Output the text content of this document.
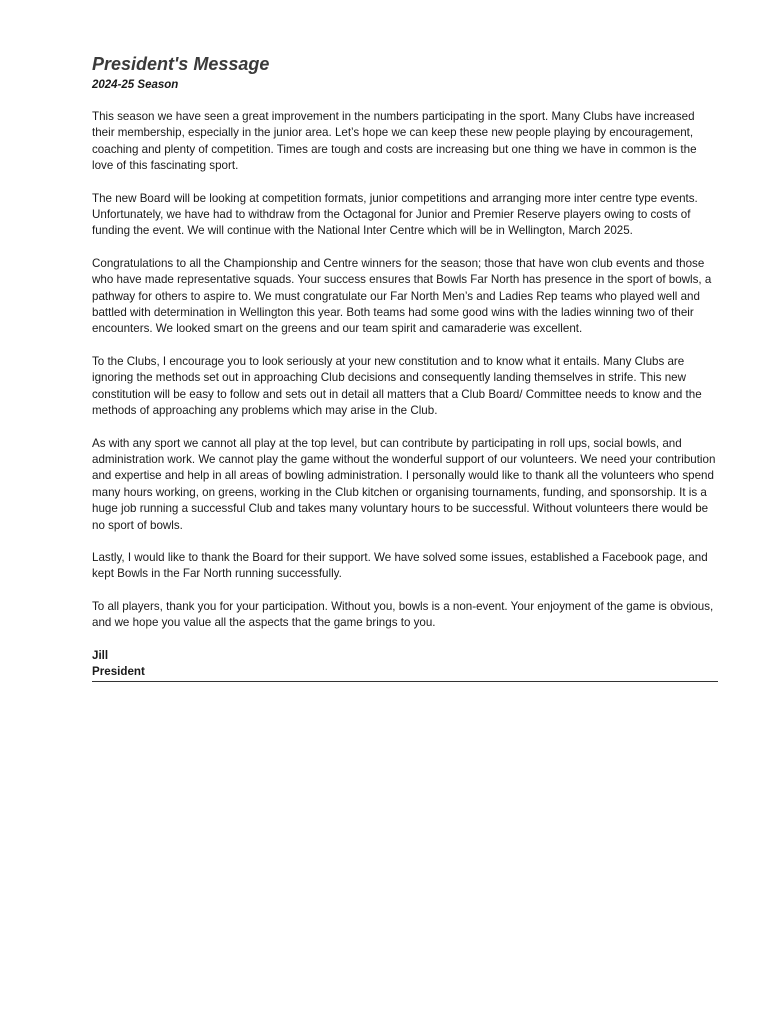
President's Message
2024-25 Season

This season we have seen a great improvement in the numbers participating in the sport. Many Clubs have increased their membership, especially in the junior area. Let’s hope we can keep these new people playing by encouragement, coaching and plenty of competition. Times are tough and costs are increasing but one thing we have in common is the love of this fascinating sport.

The new Board will be looking at competition formats, junior competitions and arranging more inter centre type events. Unfortunately, we have had to withdraw from the Octagonal for Junior and Premier Reserve players owing to costs of funding the event. We will continue with the National Inter Centre which will be in Wellington, March 2025.

Congratulations to all the Championship and Centre winners for the season; those that have won club events and those who have made representative squads. Your success ensures that Bowls Far North has presence in the sport of bowls, a pathway for others to aspire to. We must congratulate our Far North Men’s and Ladies Rep teams who played well and battled with determination in Wellington this year. Both teams had some good wins with the ladies winning two of their encounters. We looked smart on the greens and our team spirit and camaraderie was excellent.

To the Clubs, I encourage you to look seriously at your new constitution and to know what it entails. Many Clubs are ignoring the methods set out in approaching Club decisions and consequently landing themselves in strife. This new constitution will be easy to follow and sets out in detail all matters that a Club Board/ Committee needs to know and the methods of approaching any problems which may arise in the Club.

As with any sport we cannot all play at the top level, but can contribute by participating in roll ups, social bowls, and administration work. We cannot play the game without the wonderful support of our volunteers. We need your contribution and expertise and help in all areas of bowling administration. I personally would like to thank all the volunteers who spend many hours working, on greens, working in the Club kitchen or organising tournaments, funding, and sponsorship. It is a huge job running a successful Club and takes many voluntary hours to be successful. Without volunteers there would be no sport of bowls.

Lastly, I would like to thank the Board for their support. We have solved some issues, established a Facebook page, and kept Bowls in the Far North running successfully.

To all players, thank you for your participation. Without you, bowls is a non-event. Your enjoyment of the game is obvious, and we hope you value all the aspects that the game brings to you.

Jill
President
